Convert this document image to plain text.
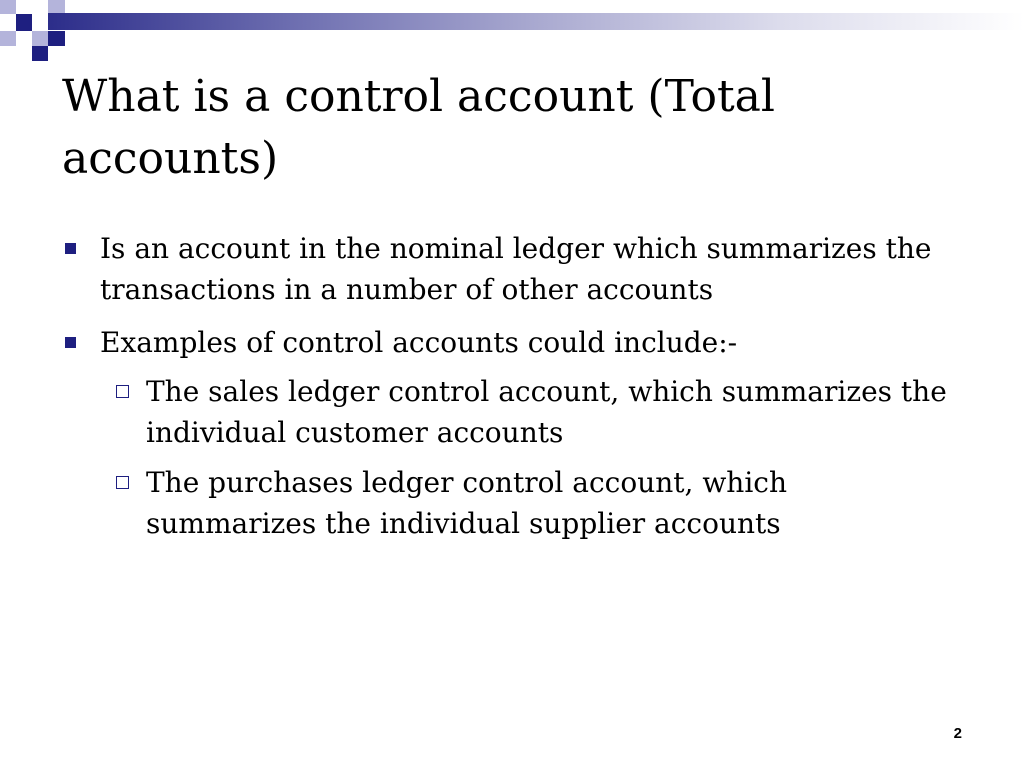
What is a control account (Total accounts)
Is an account in the nominal ledger which summarizes the transactions in a number of other accounts
Examples of control accounts could include:-
The sales ledger control account, which summarizes the individual customer accounts
The purchases ledger control account, which summarizes the individual supplier accounts
2
